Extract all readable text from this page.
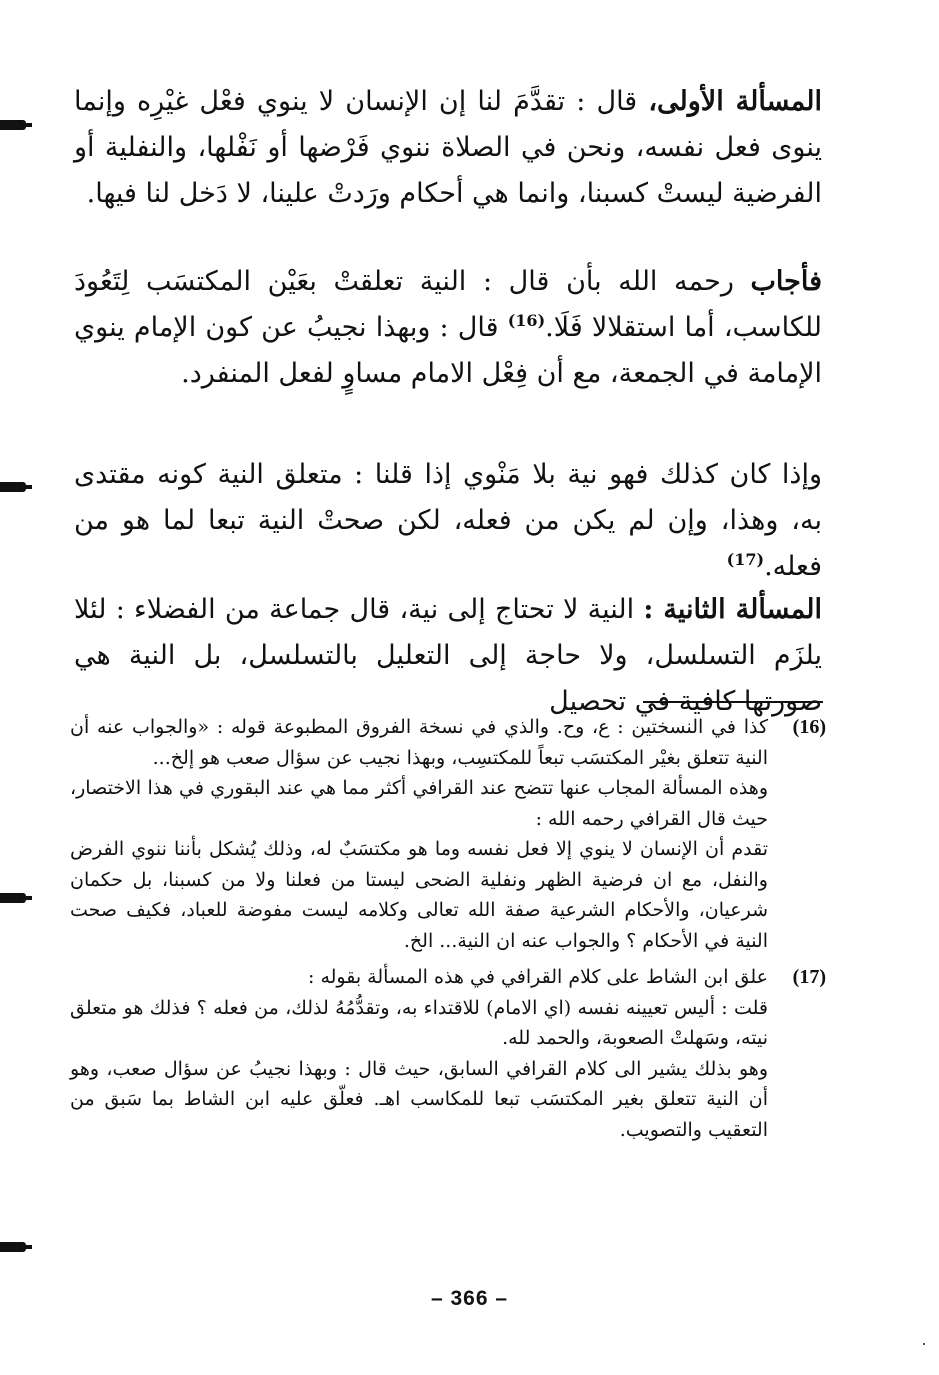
المسألة الأولى، قال : تقدَّمَ لنا إن الإنسان لا ينوي فعْل غيْرِه وإنما ينوى فعل نفسه، ونحن في الصلاة ننوي فَرْضها أو نَفْلها، والنفلية أو الفرضية ليستْ كسبنا، وانما هي أحكام ورَدتْ علينا، لا دَخل لنا فيها.

فأجاب رحمه الله بأن قال : النية تعلقتْ بعَيْن المكتسَب لِتَعُودَ للكاسب، أما استقلالا فَلَا.$^{(16)}$ قال : وبهذا نجيبُ عن كون الإمام ينوي الإمامة في الجمعة، مع أن فِعْل الامام مساوٍ لفعل المنفرد.

وإذا كان كذلك فهو نية بلا مَنْوي إذا قلنا : متعلق النية كونه مقتدى به، وهذا، وإن لم يكن من فعله، لكن صحتْ النية تبعا لما هو من فعله.$^{(17)}$

المسألة الثانية : النية لا تحتاج إلى نية، قال جماعة من الفضلاء : لئلا يلزَم التسلسل، ولا حاجة إلى التعليل بالتسلسل، بل النية هي صورتها كافية في تحصيل

(16)
كذا في النسختين : ع، وح. والذي في نسخة الفروق المطبوعة قوله : «والجواب عنه أن النية تتعلق بغيْر المكتسَب تبعاً للمكتسِب، وبهذا نجيب عن سؤال صعب هو إلخ...
وهذه المسألة المجاب عنها تتضح عند القرافي أكثر مما هي عند البقوري في هذا الاختصار، حيث قال القرافي رحمه الله :
تقدم أن الإنسان لا ينوي إلا فعل نفسه وما هو مكتسَبٌ له، وذلك يُشكل بأننا ننوي الفرض والنفل، مع ان فرضية الظهر ونفلية الضحى ليستا من فعلنا ولا من كسبنا، بل حكمان شرعيان، والأحكام الشرعية صفة الله تعالى وكلامه ليست مفوضة للعباد، فكيف صحت النية في الأحكام ؟ والجواب عنه ان النية... الخ.
(17)
علق ابن الشاط على كلام القرافي في هذه المسألة بقوله :
قلت : أليس تعيينه نفسه (اي الامام) للاقتداء به، وتقدُّمُهُ لذلك، من فعله ؟ فذلك هو متعلق نيته، وسَهلتْ الصعوبة، والحمد لله.
وهو بذلك يشير الى كلام القرافي السابق، حيث قال : وبهذا نجيبُ عن سؤال صعب، وهو أن النية تتعلق بغير المكتسَب تبعا للمكاسب اهـ. فعلّق عليه ابن الشاط بما سَبق من التعقيب والتصويب.
– 366 –
